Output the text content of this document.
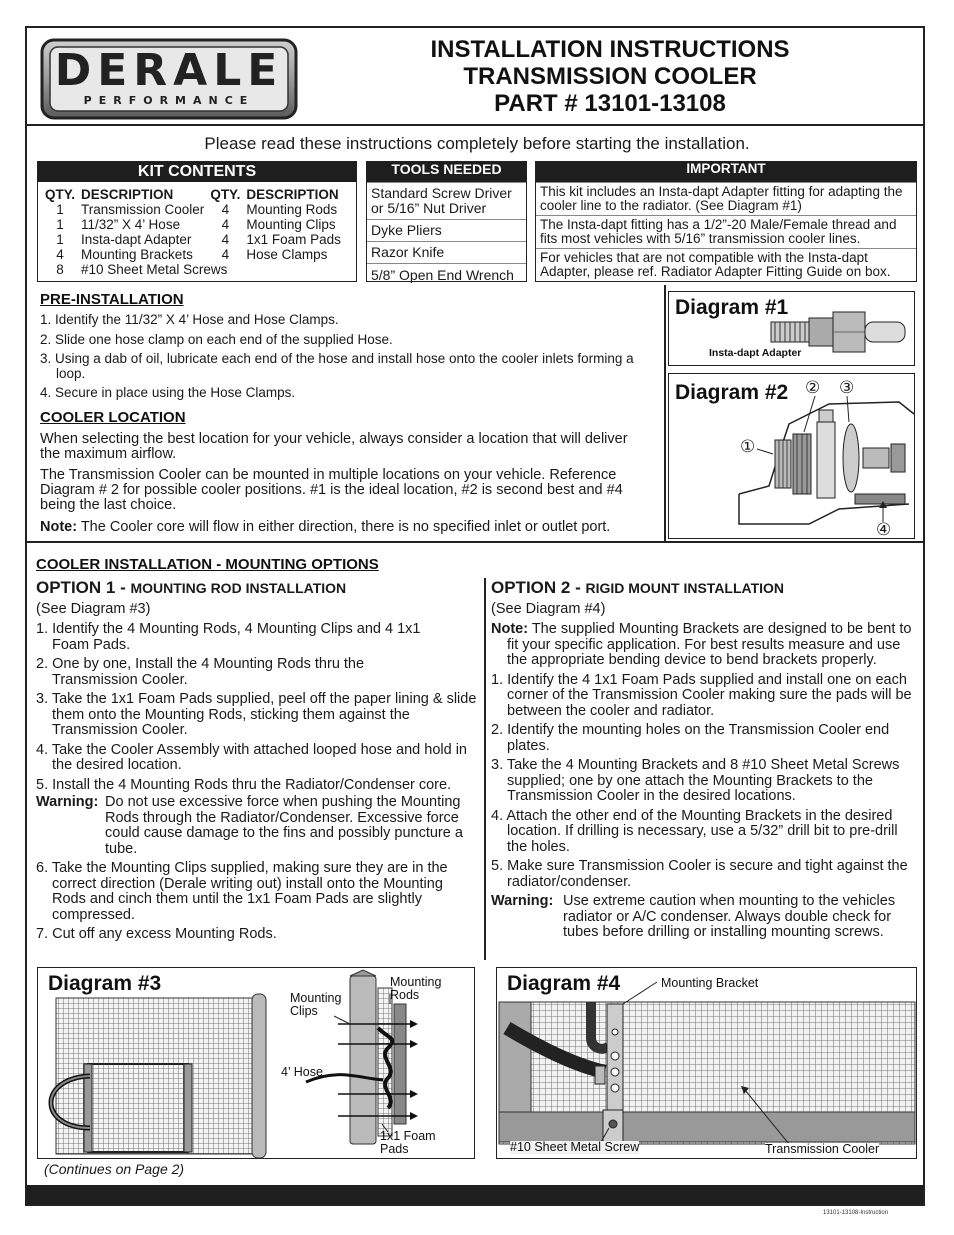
DERALE
PERFORMANCE
INSTALLATION INSTRUCTIONS
TRANSMISSION COOLER
PART # 13101-13108
Please read these instructions completely before starting the installation.
KIT CONTENTS
QTY.	DESCRIPTION	QTY.	DESCRIPTION
1	Transmission Cooler	4	Mounting Rods
1	11/32” X 4’ Hose	4	Mounting Clips
1	Insta-dapt Adapter	4	1x1 Foam Pads
4	Mounting Brackets	4	Hose Clamps
8	#10 Sheet Metal Screws		
TOOLS NEEDED
Standard Screw Driver or 5/16” Nut Driver
Dyke Pliers
Razor Knife
5/8” Open End Wrench
IMPORTANT
This kit includes an Insta-dapt Adapter fitting for adapting the cooler line to the radiator. (See Diagram #1)
The Insta-dapt fitting has a 1/2”-20 Male/Female thread and fits most vehicles with 5/16” transmission cooler lines.
For vehicles that are not compatible with the Insta-dapt Adapter, please ref. Radiator Adapter Fitting Guide on box.
PRE-INSTALLATION
1. Identify the 11/32” X 4’ Hose and Hose Clamps.
2. Slide one hose clamp on each end of the supplied Hose.
3. Using a dab of oil, lubricate each end of the hose and install hose onto the cooler inlets forming a loop.
4. Secure in place using the Hose Clamps.
COOLER LOCATION
When selecting the best location for your vehicle, always consider a location that will deliver the maximum airflow.
The Transmission Cooler can be mounted in multiple locations on your vehicle. Reference Diagram # 2 for possible cooler positions. #1 is the ideal location, #2 is second best and #4 being the last choice.
Note: The Cooler core will flow in either direction, there is no specified inlet or outlet port.
Diagram #1
Insta-dapt Adapter
Diagram #2
①
② ③
④
COOLER INSTALLATION - MOUNTING OPTIONS
OPTION 1 - MOUNTING ROD INSTALLATION
(See Diagram #3)
1. Identify the 4 Mounting Rods, 4 Mounting Clips and 4 1x1 Foam Pads.
2. One by one, Install the 4 Mounting Rods thru the Transmission Cooler.
3. Take the 1x1 Foam Pads supplied, peel off the paper lining & slide them onto the Mounting Rods, sticking them against the Transmission Cooler.
4. Take the Cooler Assembly with attached looped hose and hold in the desired location.
5. Install the 4 Mounting Rods thru the Radiator/Condenser core.
Warning: Do not use excessive force when pushing the Mounting Rods through the Radiator/Condenser. Excessive force could cause damage to the fins and possibly puncture a tube.
6. Take the Mounting Clips supplied, making sure they are in the correct direction (Derale writing out) install onto the Mounting Rods and cinch them until the 1x1 Foam Pads are slightly compressed.
7. Cut off any excess Mounting Rods.
OPTION 2 - RIGID MOUNT INSTALLATION
(See Diagram #4)
Note: The supplied Mounting Brackets are designed to be bent to fit your specific application. For best results measure and use the appropriate bending device to bend brackets properly.
1. Identify the 4 1x1 Foam Pads supplied and install one on each corner of the Transmission Cooler making sure the pads will be between the cooler and radiator.
2. Identify the mounting holes on the Transmission Cooler end plates.
3. Take the 4 Mounting Brackets and 8 #10 Sheet Metal Screws supplied; one by one attach the Mounting Brackets to the Transmission Cooler in the desired locations.
4. Attach the other end of the Mounting Brackets in the desired location. If drilling is necessary, use a 5/32” drill bit to pre-drill the holes.
5. Make sure Transmission Cooler is secure and tight against the radiator/condenser.
Warning: Use extreme caution when mounting to the vehicles radiator or A/C condenser. Always double check for tubes before drilling or installing mounting screws.
Diagram #3
Mounting Clips
Mounting Rods
4’ Hose
1x1 Foam Pads
(Continues on Page 2)
Diagram #4	Mounting Bracket
#10 Sheet Metal Screw	Transmission Cooler
13101-13108-Instruction
